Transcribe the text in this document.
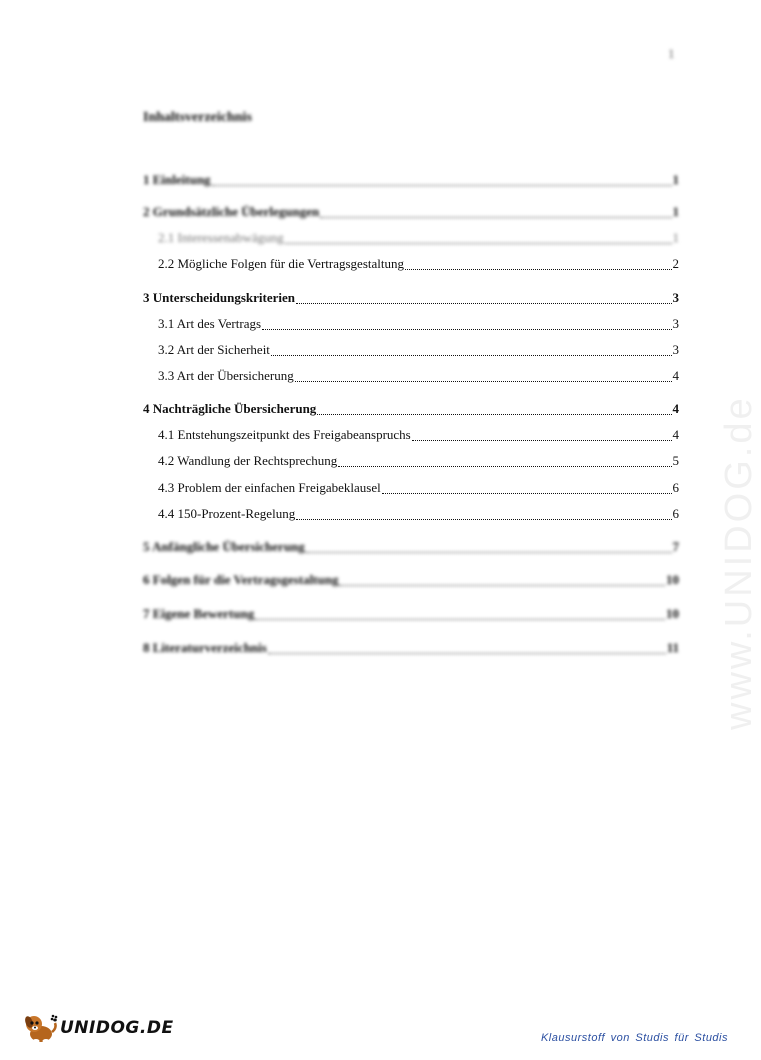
www.UNIDOG.de
1
Inhaltsverzeichnis
1 Einleitung	1
2 Grundsätzliche Überlegungen	1
2.1 Interessenabwägung	1
2.2 Mögliche Folgen für die Vertragsgestaltung	2
3 Unterscheidungskriterien	3
3.1 Art des Vertrags	3
3.2 Art der Sicherheit	3
3.3 Art der Übersicherung	4
4 Nachträgliche Übersicherung	4
4.1 Entstehungszeitpunkt des Freigabeanspruchs	4
4.2 Wandlung der Rechtsprechung	5
4.3 Problem der einfachen Freigabeklausel	6
4.4 150-Prozent-Regelung	6
5 Anfängliche Übersicherung	7
6 Folgen für die Vertragsgestaltung	10
7 Eigene Bewertung	10
8 Literaturverzeichnis	11
UNIDOG.DE	Klausurstoff von Studis für Studis
